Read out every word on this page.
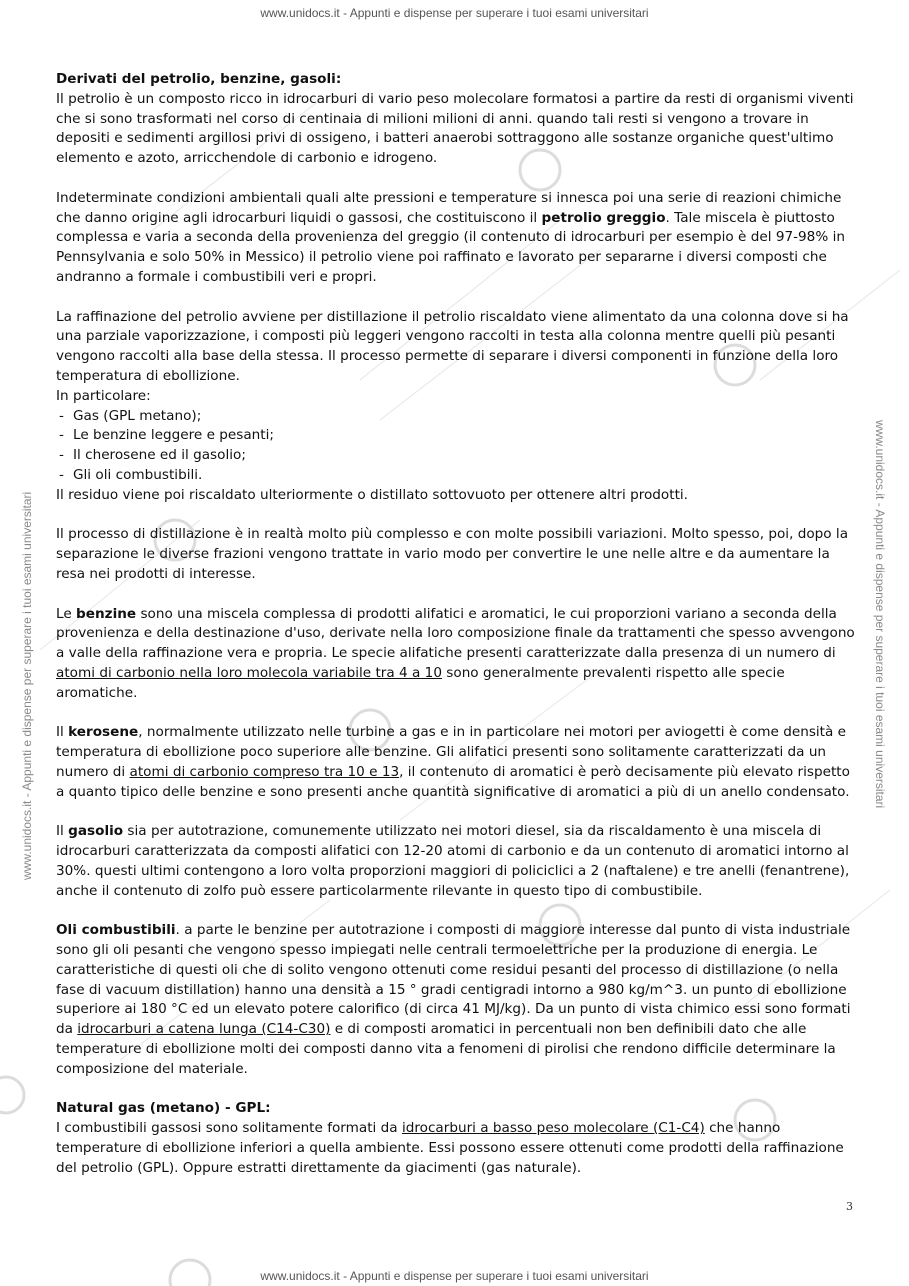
www.unidocs.it - Appunti e dispense per superare i tuoi esami universitari
www.unidocs.it - Appunti e dispense per superare i tuoi esami universitari	www.unidocs.it - Appunti e dispense per superare i tuoi esami universitari
Derivati del petrolio, benzine, gasoli:

Il petrolio è un composto ricco in idrocarburi di vario peso molecolare formatosi a partire da resti di organismi viventi che si sono trasformati nel corso di centinaia di milioni milioni di anni. quando tali resti si vengono a trovare in depositi e sedimenti argillosi privi di ossigeno, i batteri anaerobi sottraggono alle sostanze organiche quest'ultimo elemento e azoto, arricchendole di carbonio e idrogeno.

Indeterminate condizioni ambientali quali alte pressioni e temperature si innesca poi una serie di reazioni chimiche che danno origine agli idrocarburi liquidi o gassosi, che costituiscono il petrolio greggio. Tale miscela è piuttosto complessa e varia a seconda della provenienza del greggio (il contenuto di idrocarburi per esempio è del 97-98% in Pennsylvania e solo 50% in Messico) il petrolio viene poi raffinato e lavorato per separarne i diversi composti che andranno a formale i combustibili veri e propri.

La raffinazione del petrolio avviene per distillazione il petrolio riscaldato viene alimentato da una colonna dove si ha una parziale vaporizzazione, i composti più leggeri vengono raccolti in testa alla colonna mentre quelli più pesanti vengono raccolti alla base della stessa. Il processo permette di separare i diversi componenti in funzione della loro temperatura di ebollizione.
In particolare:
- Gas (GPL metano);
- Le benzine leggere e pesanti;
- Il cherosene ed il gasolio;
- Gli oli combustibili.

Il residuo viene poi riscaldato ulteriormente o distillato sottovuoto per ottenere altri prodotti.

Il processo di distillazione è in realtà molto più complesso e con molte possibili variazioni. Molto spesso, poi, dopo la separazione le diverse frazioni vengono trattate in vario modo per convertire le une nelle altre e da aumentare la resa nei prodotti di interesse.

Le benzine sono una miscela complessa di prodotti alifatici e aromatici, le cui proporzioni variano a seconda della provenienza e della destinazione d'uso, derivate nella loro composizione finale da trattamenti che spesso avvengono a valle della raffinazione vera e propria. Le specie alifatiche presenti caratterizzate dalla presenza di un numero di atomi di carbonio nella loro molecola variabile tra 4 a 10 sono generalmente prevalenti rispetto alle specie aromatiche.

Il kerosene, normalmente utilizzato nelle turbine a gas e in in particolare nei motori per aviogetti è come densità e temperatura di ebollizione poco superiore alle benzine. Gli alifatici presenti sono solitamente caratterizzati da un numero di atomi di carbonio compreso tra 10 e 13, il contenuto di aromatici è però decisamente più elevato rispetto a quanto tipico delle benzine e sono presenti anche quantità significative di aromatici a più di un anello condensato.

Il gasolio sia per autotrazione, comunemente utilizzato nei motori diesel, sia da riscaldamento è una miscela di idrocarburi caratterizzata da composti alifatici con 12-20 atomi di carbonio e da un contenuto di aromatici intorno al 30%. questi ultimi contengono a loro volta proporzioni maggiori di policiclici a 2 (naftalene) e tre anelli (fenantrene), anche il contenuto di zolfo può essere particolarmente rilevante in questo tipo di combustibile.

Oli combustibili. a parte le benzine per autotrazione i composti di maggiore interesse dal punto di vista industriale sono gli oli pesanti che vengono spesso impiegati nelle centrali termoelettriche per la produzione di energia. Le caratteristiche di questi oli che di solito vengono ottenuti come residui pesanti del processo di distillazione (o nella fase di vacuum distillation) hanno una densità a 15 ° gradi centigradi intorno a 980 kg/m^3. un punto di ebollizione superiore ai 180 °C ed un elevato potere calorifico (di circa 41 MJ/kg). Da un punto di vista chimico essi sono formati da idrocarburi a catena lunga (C14-C30) e di composti aromatici in percentuali non ben definibili dato che alle temperature di ebollizione molti dei composti danno vita a fenomeni di pirolisi che rendono difficile determinare la composizione del materiale.

Natural gas (metano) - GPL:
I combustibili gassosi sono solitamente formati da idrocarburi a basso peso molecolare (C1-C4) che hanno temperature di ebollizione inferiori a quella ambiente. Essi possono essere ottenuti come prodotti della raffinazione del petrolio (GPL). Oppure estratti direttamente da giacimenti (gas naturale).
3
www.unidocs.it - Appunti e dispense per superare i tuoi esami universitari
